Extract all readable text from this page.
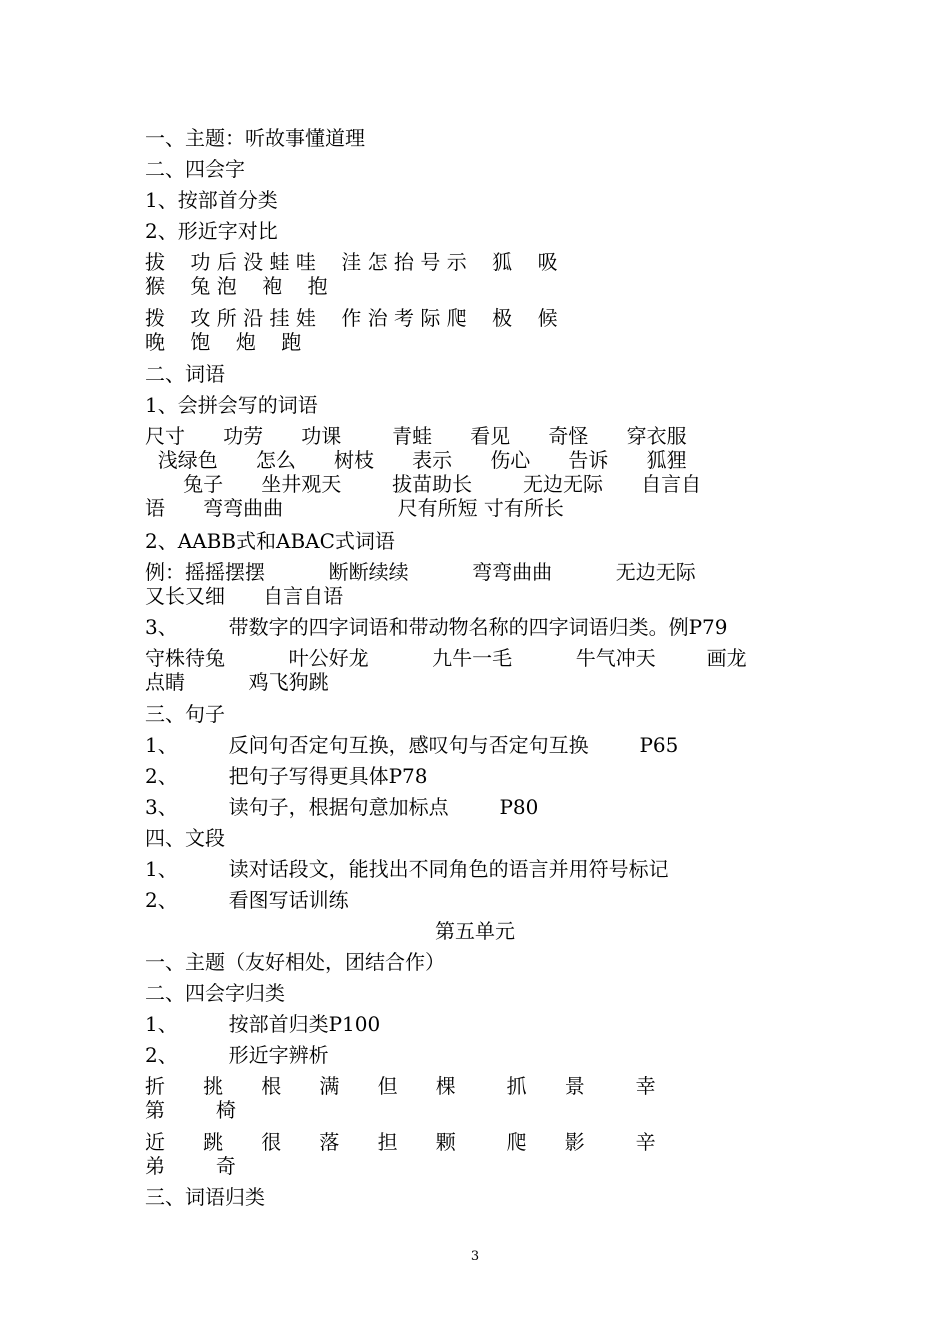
一、主题：听故事懂道理
二、四会字
1、按部首分类
2、形近字对比
拔    功 后 没 蛙 哇    洼 怎 抬 号 示    狐    吸
猴    兔 泡    袍    抱
拨    攻 所 沿 挂 娃    作 治 考 际 爬    极    候
晚    饱    炮    跑
二、词语
1、会拼会写的词语
尺寸      功劳      功课        青蛙      看见      奇怪      穿衣服
浅绿色      怎么      树枝      表示      伤心      告诉      狐狸
兔子      坐井观天        拔苗助长        无边无际      自言自
语      弯弯曲曲                  尺有所短 寸有所长
2、AABB式和ABAC式词语
例：摇摇摆摆          断断续续          弯弯曲曲          无边无际
又长又细      自言自语
3、        带数字的四字词语和带动物名称的四字词语归类。例P79
守株待兔          叶公好龙          九牛一毛          牛气冲天        画龙
点睛          鸡飞狗跳
三、句子
1、        反问句否定句互换，感叹句与否定句互换        P65
2、        把句子写得更具体P78
3、        读句子，根据句意加标点        P80
四、文段
1、        读对话段文，能找出不同角色的语言并用符号标记
2、        看图写话训练
第五单元
一、主题（友好相处，团结合作）
二、四会字归类
1、        按部首归类P100
2、        形近字辨析
折      挑      根      满      但      棵        抓      景        幸
第        椅
近      跳      很      落      担      颗        爬      影        辛
弟        奇
三、词语归类
3
